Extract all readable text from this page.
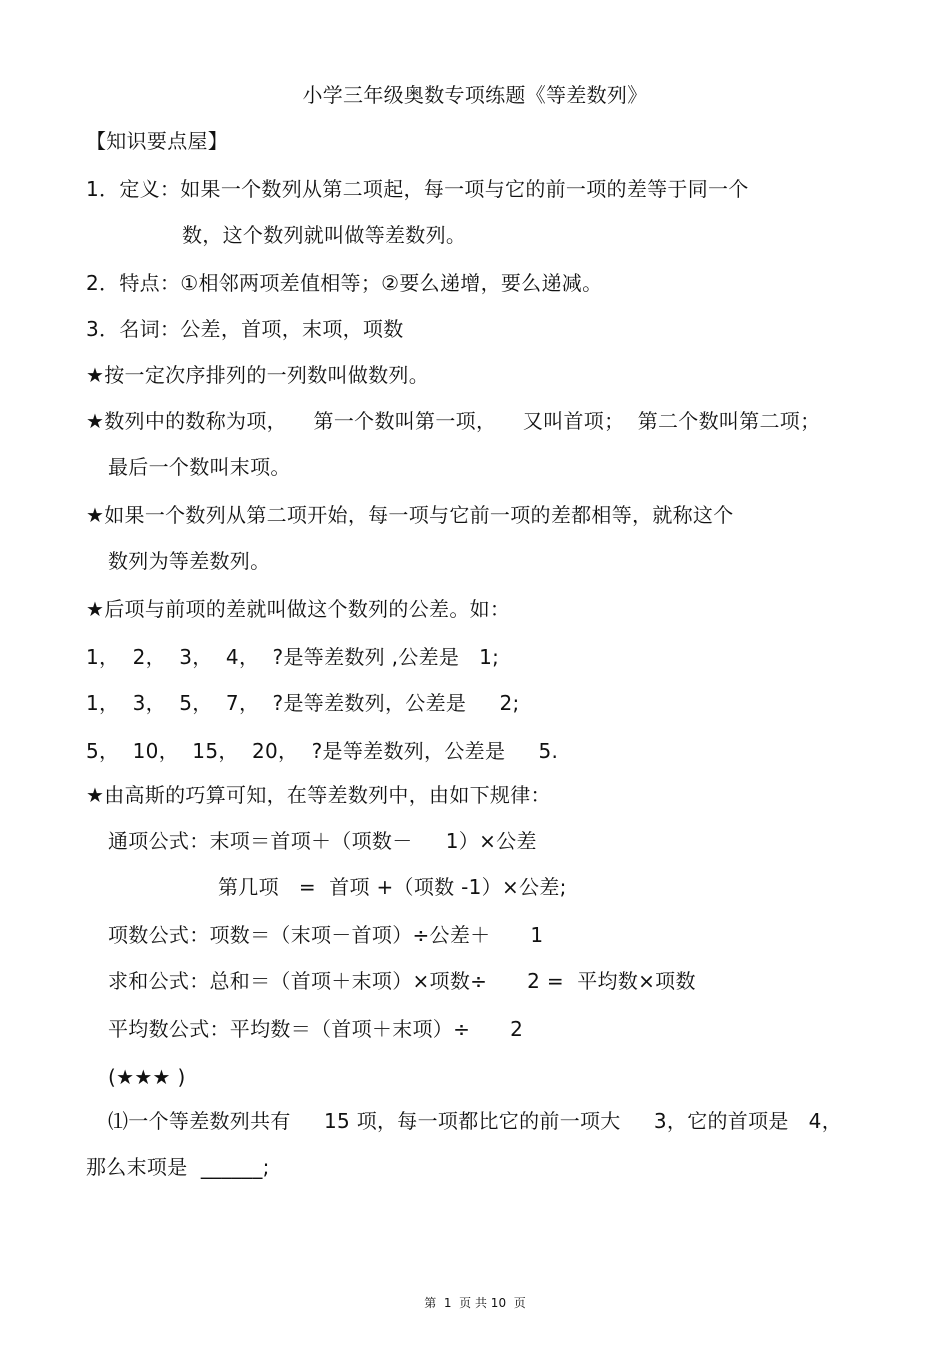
小学三年级奥数专项练题《等差数列》
【知识要点屋】
1．定义：如果一个数列从第二项起，每一项与它的前一项的差等于同一个
数，这个数列就叫做等差数列。
2．特点：①相邻两项差值相等；②要么递增，要么递减。
3．名词：公差，首项，末项，项数
★按一定次序排列的一列数叫做数列。
★数列中的数称为项，    第一个数叫第一项，    又叫首项；  第二个数叫第二项；
最后一个数叫末项。
★如果一个数列从第二项开始，每一项与它前一项的差都相等，就称这个
数列为等差数列。
★后项与前项的差就叫做这个数列的公差。如：
1，  2，  3，  4，  ?是等差数列 ,公差是   1;
1，  3，  5，  7，  ?是等差数列，公差是     2;
5，  10，  15，  20，  ?是等差数列，公差是     5.
★由高斯的巧算可知，在等差数列中，由如下规律：
通项公式：末项＝首项＋（项数－     1）×公差
第几项   =  首项 +（项数 -1）×公差;
项数公式：项数＝（末项－首项）÷公差＋      1
求和公式：总和＝（首项＋末项）×项数÷      2 =  平均数×项数
平均数公式：平均数＝（首项＋末项）÷      2
(★★★ )
⑴一个等差数列共有     15 项，每一项都比它的前一项大     3，它的首项是   4，
那么末项是  ______;
第  1  页 共 10  页
